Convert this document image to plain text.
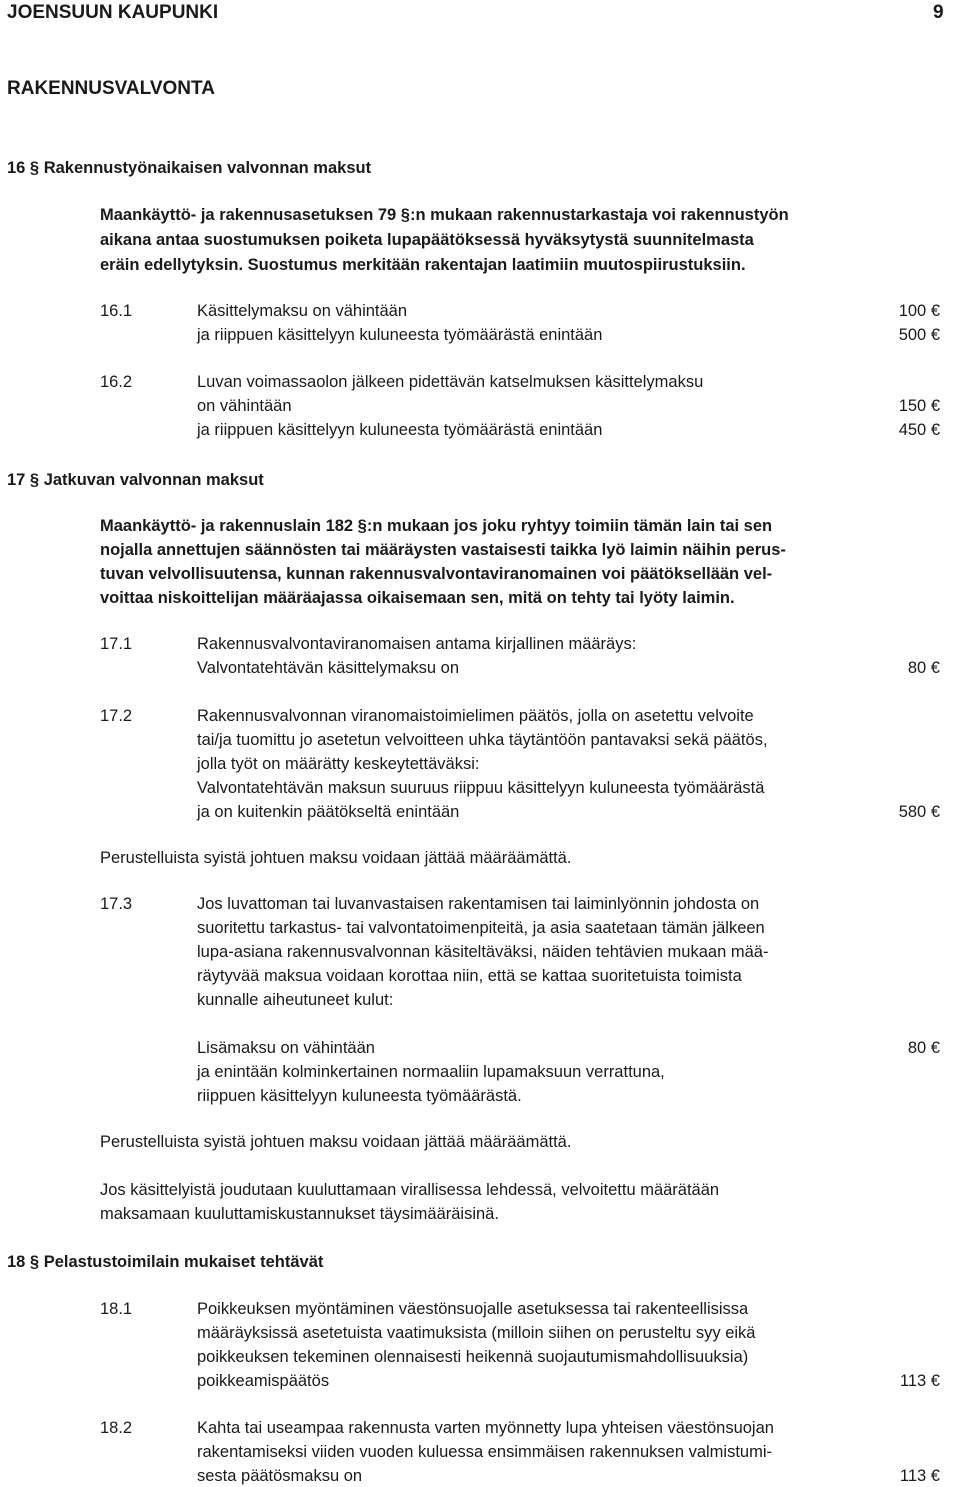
JOENSUUN KAUPUNKI	9
RAKENNUSVALVONTA
16 § Rakennustyönaikaisen valvonnan maksut
Maankäyttö- ja rakennusasetuksen 79 §:n mukaan rakennustarkastaja voi rakennustyön
aikana antaa suostumuksen poiketa lupapäätöksessä hyväksytystä suunnitelmasta
eräin edellytyksin. Suostumus merkitään rakentajan laatimiin muutospiirustuksiin.
16.1	Käsittelymaksu on vähintään	100 €
ja riippuen käsittelyyn kuluneesta työmäärästä enintään	500 €
16.2	Luvan voimassaolon jälkeen pidettävän katselmuksen käsittelymaksu
on vähintään	150 €
ja riippuen käsittelyyn kuluneesta työmäärästä enintään	450 €
17 § Jatkuvan valvonnan maksut
Maankäyttö- ja rakennuslain 182 §:n mukaan jos joku ryhtyy toimiin tämän lain tai sen
nojalla annettujen säännösten tai määräysten vastaisesti taikka lyö laimin näihin perus-
tuvan velvollisuutensa, kunnan rakennusvalvontaviranomainen voi päätöksellään vel-
voittaa niskoittelijan määräajassa oikaisemaan sen, mitä on tehty tai lyöty laimin.
17.1	Rakennusvalvontaviranomaisen antama kirjallinen määräys:
Valvontatehtävän käsittelymaksu on	80 €
17.2	Rakennusvalvonnan viranomaistoimielimen päätös, jolla on asetettu velvoite
tai/ja tuomittu jo asetetun velvoitteen uhka täytäntöön pantavaksi sekä päätös,
jolla työt on määrätty keskeytettäväksi:
Valvontatehtävän maksun suuruus riippuu käsittelyyn kuluneesta työmäärästä
ja on kuitenkin päätökseltä enintään	580 €
Perustelluista syistä johtuen maksu voidaan jättää määräämättä.
17.3	Jos luvattoman tai luvanvastaisen rakentamisen tai laiminlyönnin johdosta on
suoritettu tarkastus- tai valvontatoimenpiteitä, ja asia saatetaan tämän jälkeen
lupa-asiana rakennusvalvonnan käsiteltäväksi, näiden tehtävien mukaan mää-
räytyvää maksua voidaan korottaa niin, että se kattaa suoritetuista toimista
kunnalle aiheutuneet kulut:
Lisämaksu on vähintään	80 €
ja enintään kolminkertainen normaaliin lupamaksuun verrattuna,
riippuen käsittelyyn kuluneesta työmäärästä.
Perustelluista syistä johtuen maksu voidaan jättää määräämättä.
Jos käsittelyistä joudutaan kuuluttamaan virallisessa lehdessä, velvoitettu määrätään
maksamaan kuuluttamiskustannukset täysimääräisinä.
18 § Pelastustoimilain mukaiset tehtävät
18.1	Poikkeuksen myöntäminen väestönsuojalle asetuksessa tai rakenteellisissa
määräyksissä asetetuista vaatimuksista (milloin siihen on perusteltu syy eikä
poikkeuksen tekeminen olennaisesti heikennä suojautumismahdollisuuksia)
poikkeamispäätös	113 €
18.2	Kahta tai useampaa rakennusta varten myönnetty lupa yhteisen väestönsuojan
rakentamiseksi viiden vuoden kuluessa ensimmäisen rakennuksen valmistumi-
sesta päätösmaksu on	113 €
